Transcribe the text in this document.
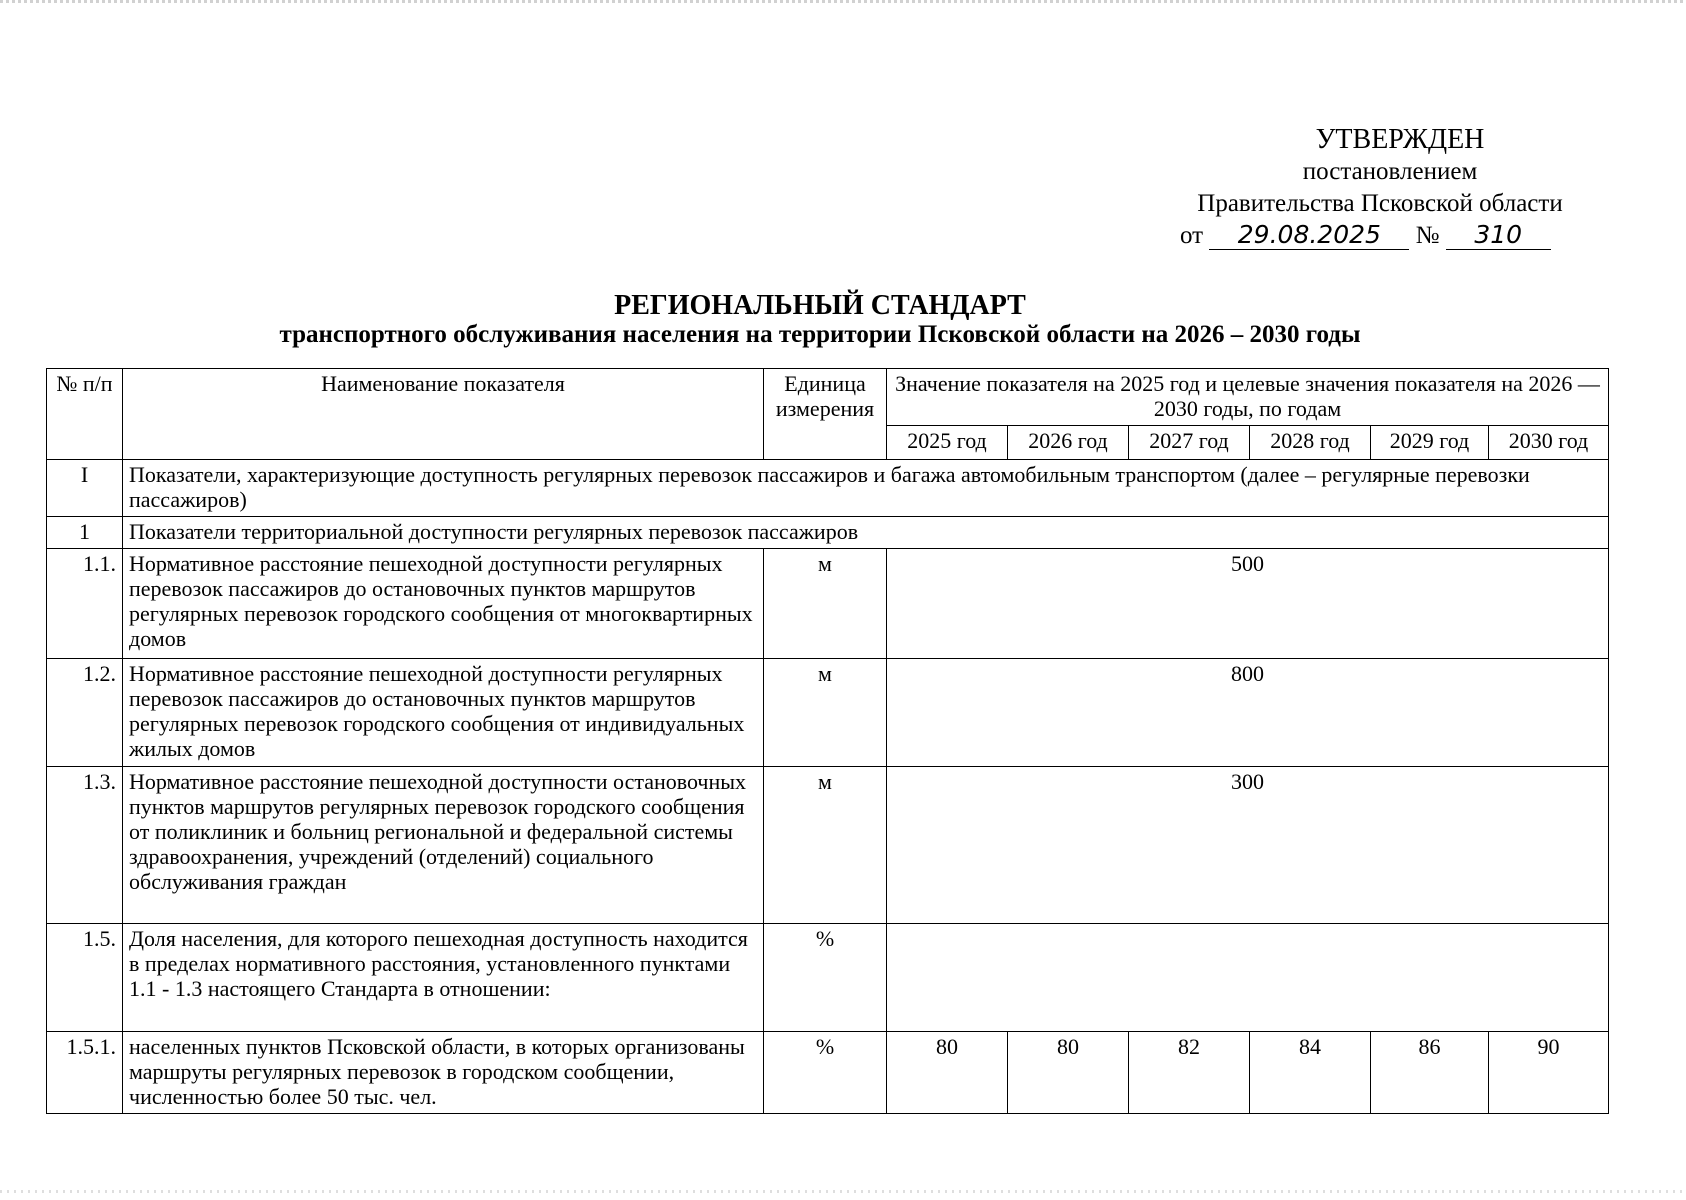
УТВЕРЖДЕН
постановлением
Правительства Псковской области
от 29.08.2025 № 310
РЕГИОНАЛЬНЫЙ СТАНДАРТ
транспортного обслуживания населения на территории Псковской области на 2026 – 2030 годы
№ п/п	Наименование показателя	Единица измерения	Значение показателя на 2025 год и целевые значения показателя на 2026 — 2030 годы, по годам					
			2025 год	2026 год	2027 год	2028 год	2029 год	2030 год
I	Показатели, характеризующие доступность регулярных перевозок пассажиров и багажа автомобильным транспортом (далее – регулярные перевозки пассажиров)							
1	Показатели территориальной доступности регулярных перевозок пассажиров							
1.1.	Нормативное расстояние пешеходной доступности регулярных перевозок пассажиров до остановочных пунктов маршрутов регулярных перевозок городского сообщения от многоквартирных домов	м	500					
1.2.	Нормативное расстояние пешеходной доступности регулярных перевозок пассажиров до остановочных пунктов маршрутов регулярных перевозок городского сообщения от индивидуальных жилых домов	м	800					
1.3.	Нормативное расстояние пешеходной доступности остановочных пунктов маршрутов регулярных перевозок городского сообщения от поликлиник и больниц региональной и федеральной системы здравоохранения, учреждений (отделений) социального обслуживания граждан	м	300					
1.5.	Доля населения, для которого пешеходная доступность находится в пределах нормативного расстояния, установленного пунктами 1.1 - 1.3 настоящего Стандарта в отношении:	%						
1.5.1.	населенных пунктов Псковской области, в которых организованы маршруты регулярных перевозок в городском сообщении, численностью более 50 тыс. чел.	%	80	80	82	84	86	90
